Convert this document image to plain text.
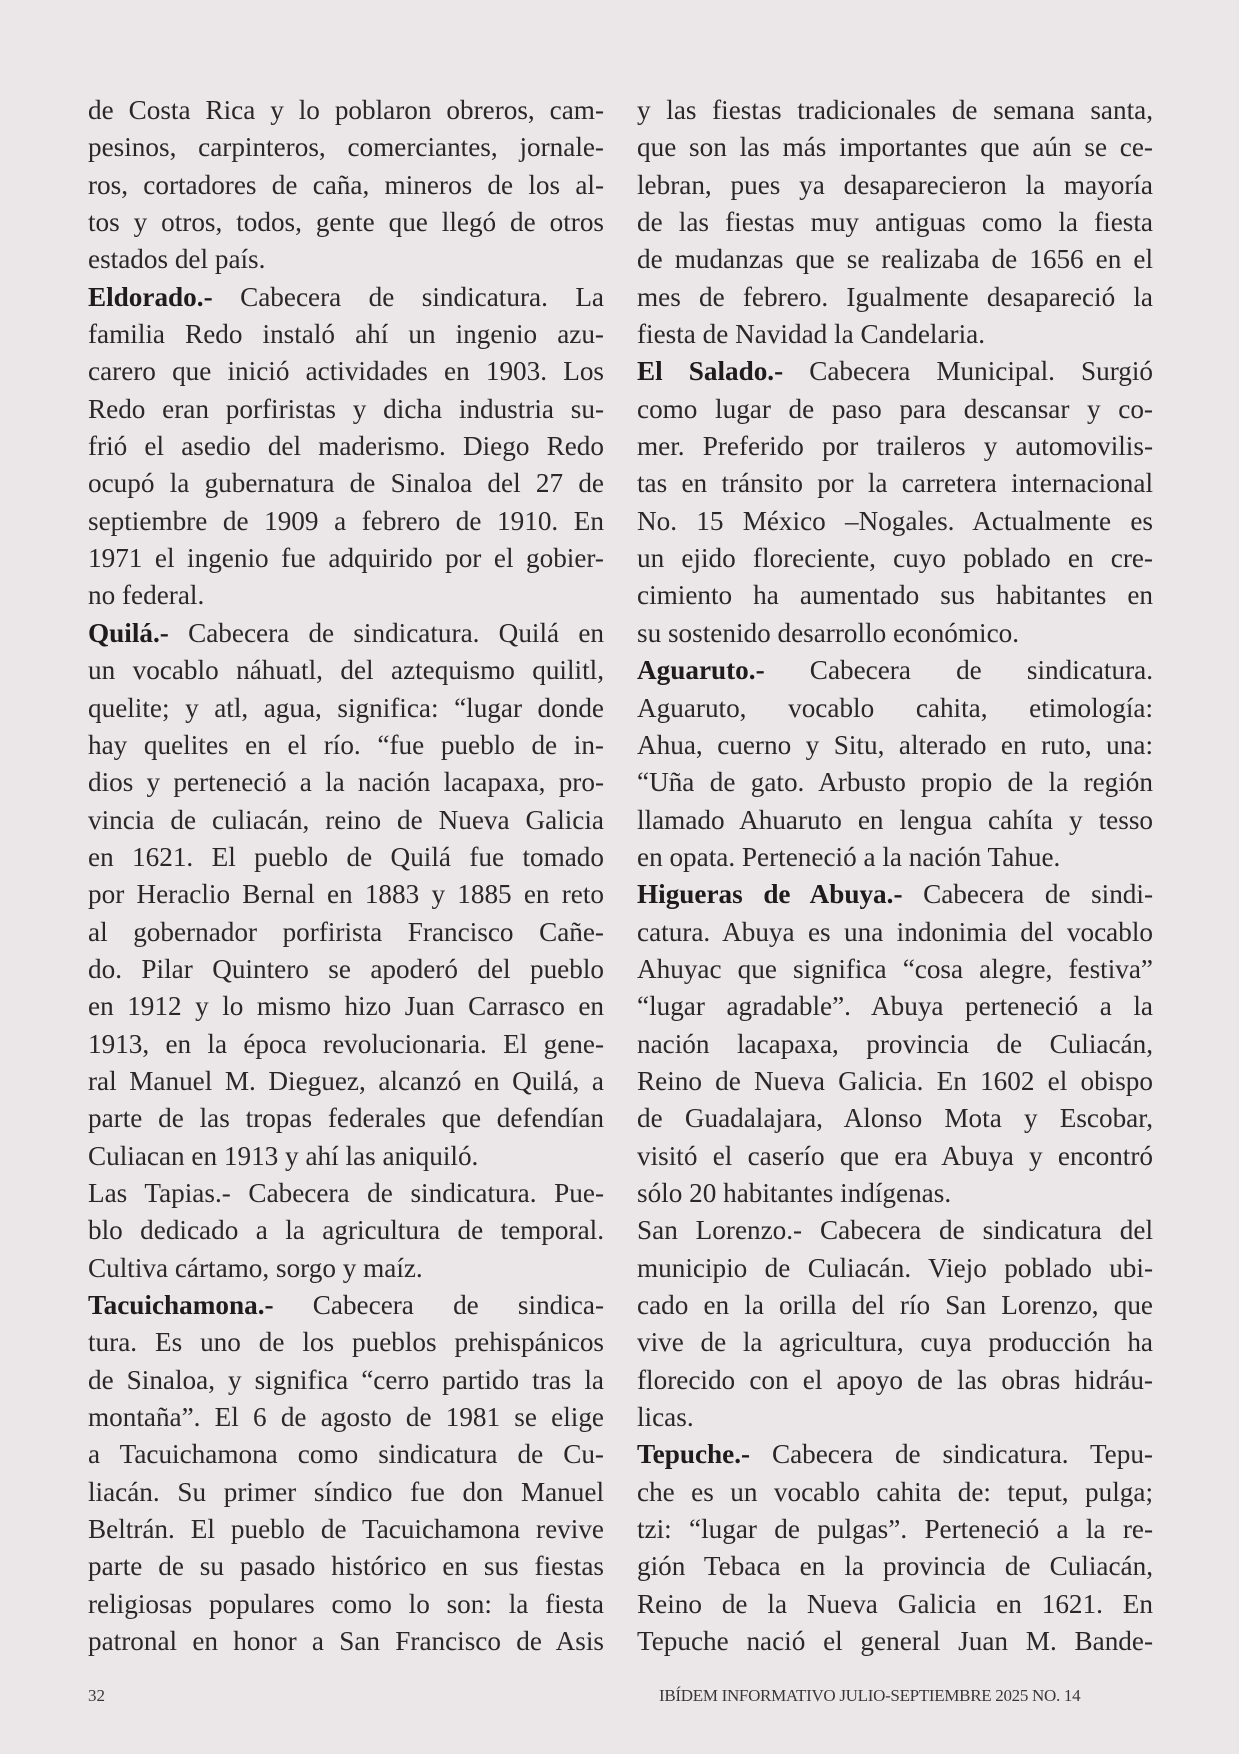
de Costa Rica y lo poblaron obreros, cam-
pesinos, carpinteros, comerciantes, jornale-
ros, cortadores de caña, mineros de los al-
tos y otros, todos, gente que llegó de otros
estados del país.
Eldorado.- Cabecera de sindicatura. La
familia Redo instaló ahí un ingenio azu-
carero que inició actividades en 1903. Los
Redo eran porfiristas y dicha industria su-
frió el asedio del maderismo. Diego Redo
ocupó la gubernatura de Sinaloa del 27 de
septiembre de 1909 a febrero de 1910. En
1971 el ingenio fue adquirido por el gobier-
no federal.
Quilá.- Cabecera de sindicatura. Quilá en
un vocablo náhuatl, del aztequismo quilitl,
quelite; y atl, agua, significa: “lugar donde
hay quelites en el río. “fue pueblo de in-
dios y perteneció a la nación lacapaxa, pro-
vincia de culiacán, reino de Nueva Galicia
en 1621. El pueblo de Quilá fue tomado
por Heraclio Bernal en 1883 y 1885 en reto
al gobernador porfirista Francisco Cañe-
do. Pilar Quintero se apoderó del pueblo
en 1912 y lo mismo hizo Juan Carrasco en
1913, en la época revolucionaria. El gene-
ral Manuel M. Dieguez, alcanzó en Quilá, a
parte de las tropas federales que defendían
Culiacan en 1913 y ahí las aniquiló.
Las Tapias.- Cabecera de sindicatura. Pue-
blo dedicado a la agricultura de temporal.
Cultiva cártamo, sorgo y maíz.
Tacuichamona.- Cabecera de sindica-
tura. Es uno de los pueblos prehispánicos
de Sinaloa, y significa “cerro partido tras la
montaña”. El 6 de agosto de 1981 se elige
a Tacuichamona como sindicatura de Cu-
liacán. Su primer síndico fue don Manuel
Beltrán. El pueblo de Tacuichamona revive
parte de su pasado histórico en sus fiestas
religiosas populares como lo son: la fiesta
patronal en honor a San Francisco de Asis
y las fiestas tradicionales de semana santa,
que son las más importantes que aún se ce-
lebran, pues ya desaparecieron la mayoría
de las fiestas muy antiguas como la fiesta
de mudanzas que se realizaba de 1656 en el
mes de febrero. Igualmente desapareció la
fiesta de Navidad la Candelaria.
El Salado.- Cabecera Municipal. Surgió
como lugar de paso para descansar y co-
mer. Preferido por traileros y automovilis-
tas en tránsito por la carretera internacional
No. 15 México –Nogales. Actualmente es
un ejido floreciente, cuyo poblado en cre-
cimiento ha aumentado sus habitantes en
su sostenido desarrollo económico.
Aguaruto.- Cabecera de sindicatura.
Aguaruto, vocablo cahita, etimología:
Ahua, cuerno y Situ, alterado en ruto, una:
“Uña de gato. Arbusto propio de la región
llamado Ahuaruto en lengua cahíta y tesso
en opata. Perteneció a la nación Tahue.
Higueras de Abuya.- Cabecera de sindi-
catura. Abuya es una indonimia del vocablo
Ahuyac que significa “cosa alegre, festiva”
“lugar agradable”. Abuya perteneció a la
nación lacapaxa, provincia de Culiacán,
Reino de Nueva Galicia. En 1602 el obispo
de Guadalajara, Alonso Mota y Escobar,
visitó el caserío que era Abuya y encontró
sólo 20 habitantes indígenas.
San Lorenzo.- Cabecera de sindicatura del
municipio de Culiacán. Viejo poblado ubi-
cado en la orilla del río San Lorenzo, que
vive de la agricultura, cuya producción ha
florecido con el apoyo de las obras hidráu-
licas.
Tepuche.- Cabecera de sindicatura. Tepu-
che es un vocablo cahita de: teput, pulga;
tzi: “lugar de pulgas”. Perteneció a la re-
gión Tebaca en la provincia de Culiacán,
Reino de la Nueva Galicia en 1621. En
Tepuche nació el general Juan M. Bande-
32	IBÍDEM INFORMATIVO JULIO-SEPTIEMBRE 2025 NO. 14
